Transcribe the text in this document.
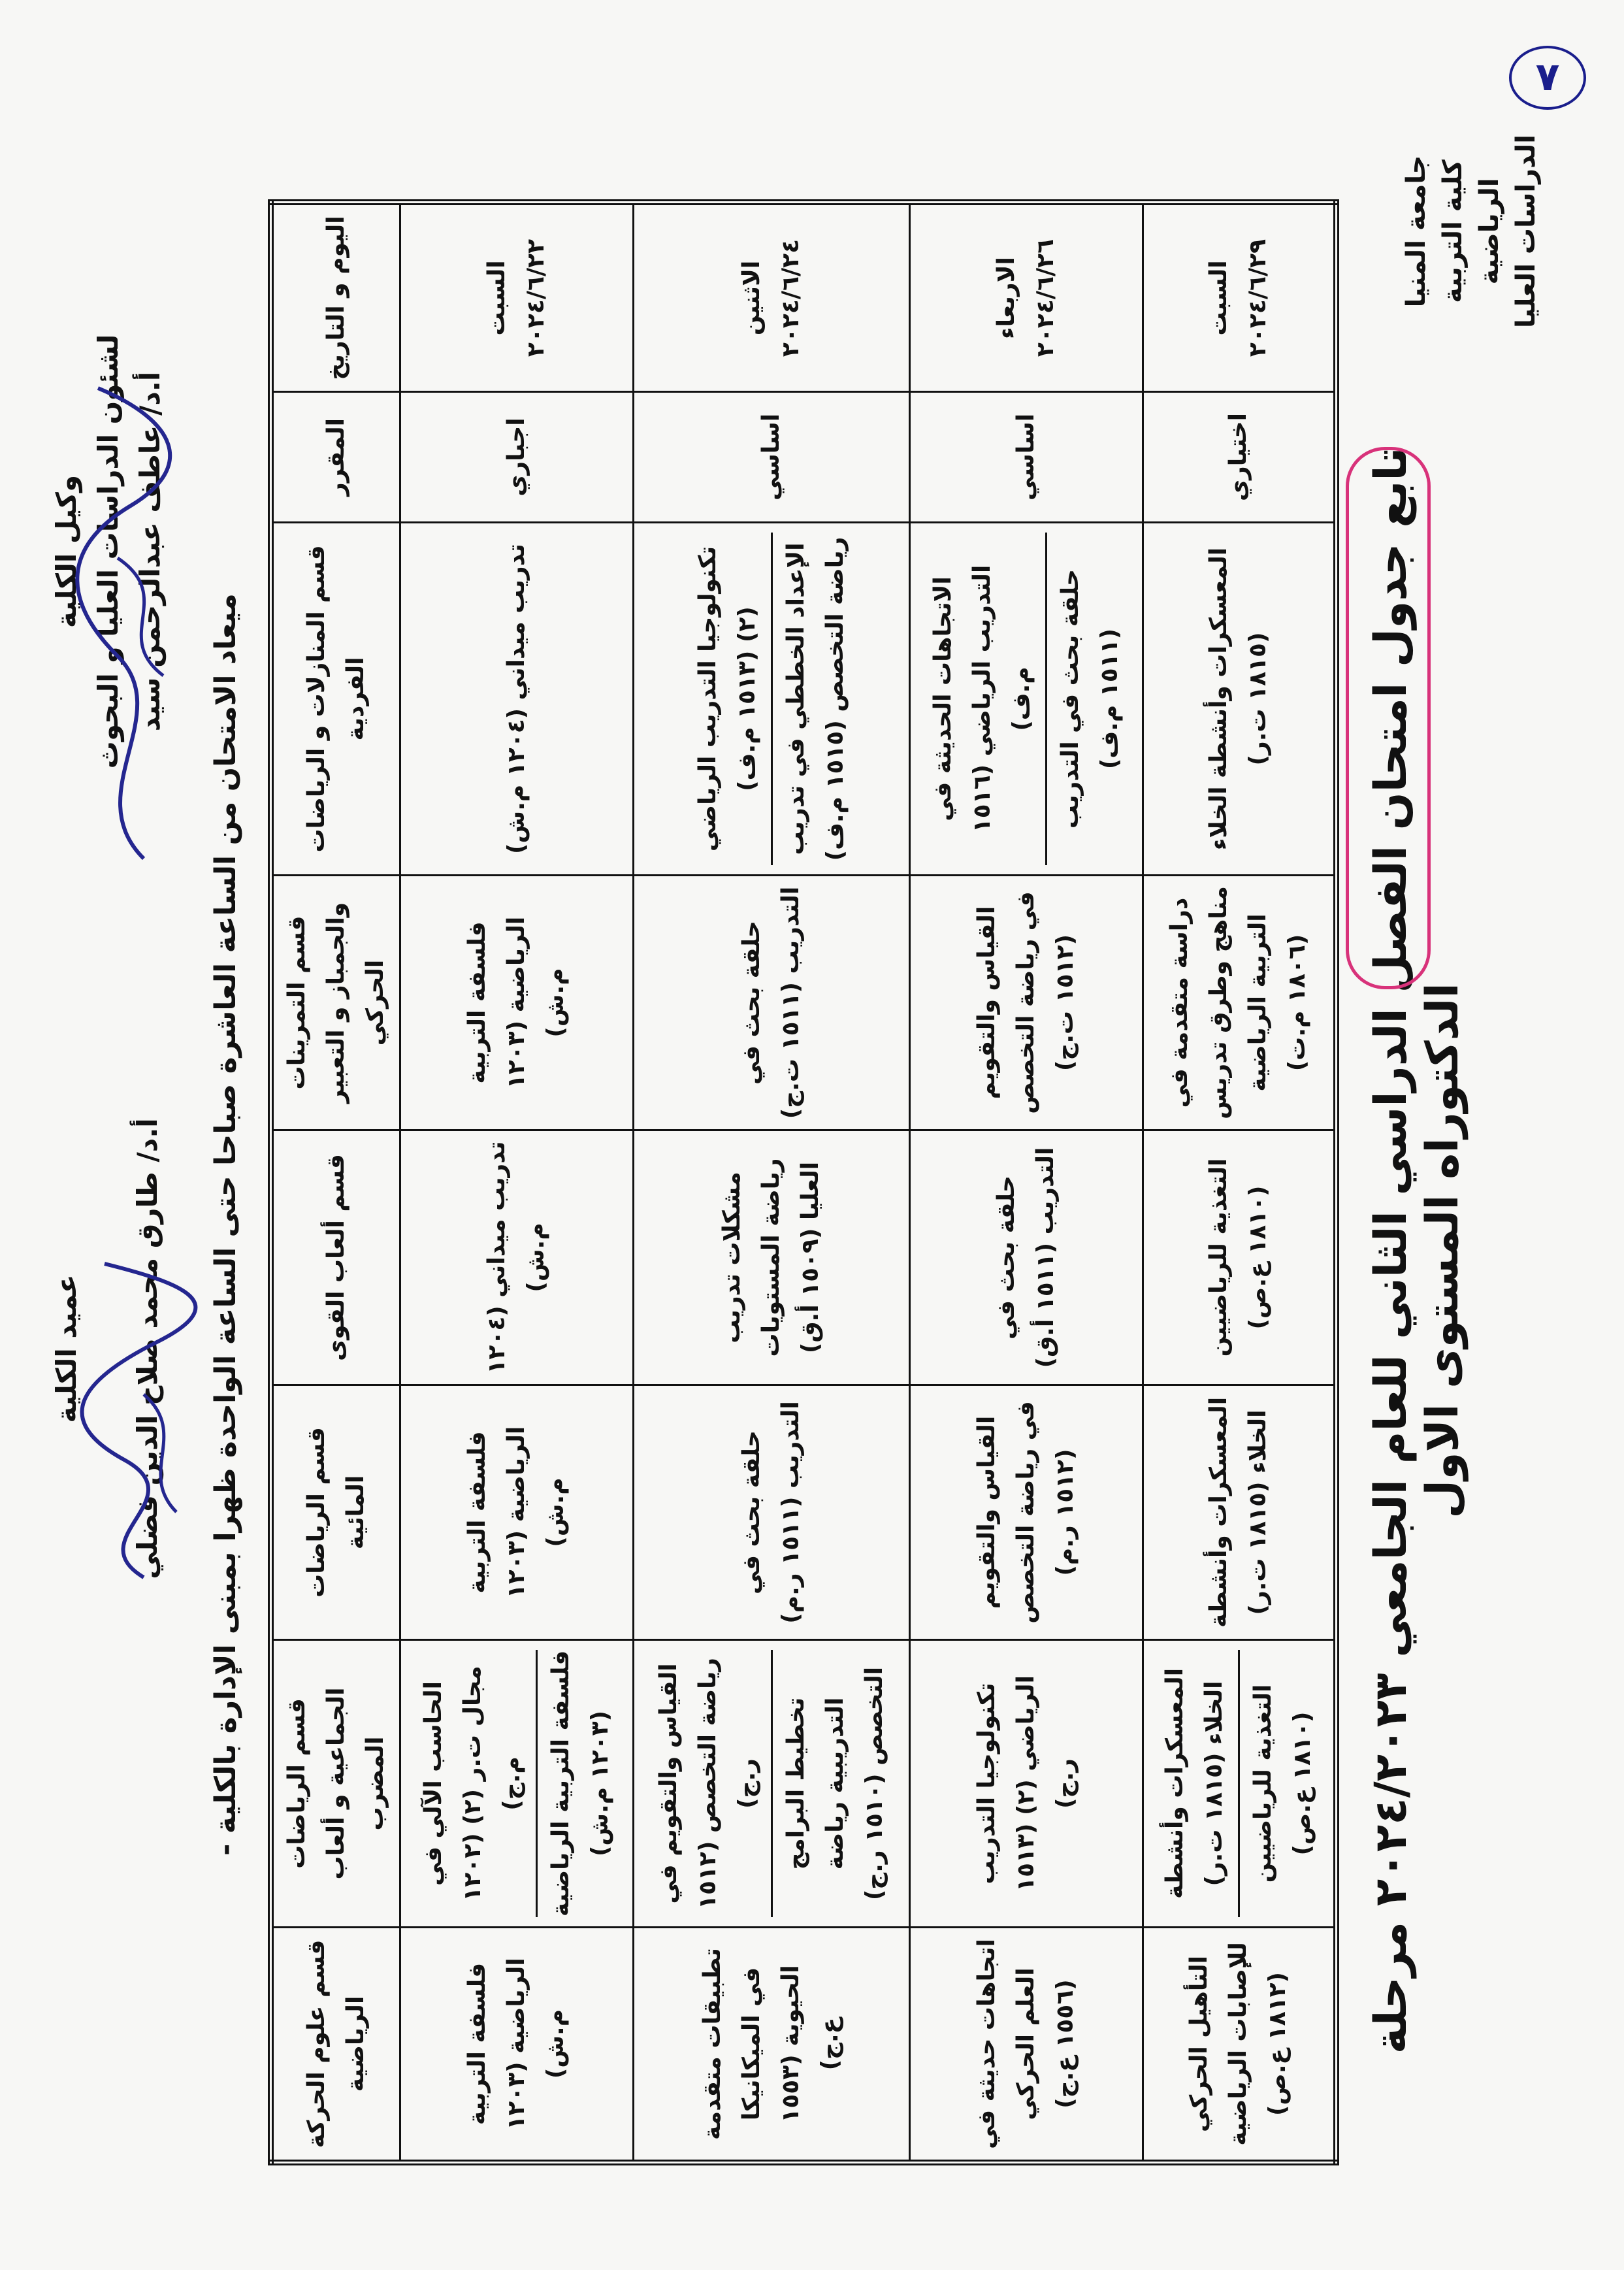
٧
جامعة المنيا كلية التربية الرياضية الدراسات العليا
تابع جدول امتحان الفصل الدراسي الثاني للعام الجامعي ٢٠٢٤/٢٠٢٣ مرحلة الدكتوراه المستوى الاول
اليوم و التاريخ	المقرر	قسم المنازلات و الرياضات الفردية	قسم التمرينات والجمباز و التعبير الحركي	قسم ألعاب القوى	قسم الرياضات المائية	قسم الرياضات الجماعية و ألعاب المضرب	قسم علوم الحركة الرياضية

السبت ٢٠٢٤/٦/٢٢	اجباري	تدريب ميداني (١٢٠٤ م.ش)	فلسفة التربية الرياضية (١٢٠٣ م.ش)	تدريب ميداني (١٢٠٤ م.ش)	فلسفة التربية الرياضية (١٢٠٣ م.ش)	الحاسب الآلي في مجال ت.ر (٢) (١٢٠٢ م.ج) فلسفة التربية الرياضية (١٢٠٣ م.ش)	فلسفة التربية الرياضية (١٢٠٣ م.ش)

الاثنين ٢٠٢٤/٦/٢٤	اساسي	تكنولوجيا التدريب الرياضي (٢) (١٥١٣ م.ف) الإعداد الخططي في تدريب رياضة التخصص (١٥١٥ م.ف)	حلقة بحث في التدريب (١٥١١ ت.ج)	مشكلات تدريب رياضة المستويات العليا (١٥٠٩ أ.ق)	حلقة بحث في التدريب (١٥١١ ر.م)	القياس والتقويم في رياضة التخصص (١٥١٢ ر.ج) تخطيط البرامج التدريبية رياضة التخصص (١٥١٠ ر.ج)	تطبيقات متقدمة في الميكانيكا الحيوية (١٥٥٣ ع.ج)

الاربعاء ٢٠٢٤/٦/٢٦	اساسي	الاتجاهات الحديثة في التدريب الرياضي (١٥١٦ م.ف) حلقة بحث في التدريب (١٥١١ م.ف)	القياس والتقويم في رياضة التخصص (١٥١٢ ت.ج)	حلقة بحث في التدريب (١٥١١ أ.ق)	القياس والتقويم في رياضة التخصص (١٥١٢ ر.م)	تكنولوجيا التدريب الرياضي (٢) (١٥١٣ ر.ج)	اتجاهات حديثة في العلم الحركي (١٥٥٦ ع.ج)

السبت ٢٠٢٤/٦/٢٩	اختياري	المعسكرات وأنشطة الخلاء (١٨١٥ ت.ر)	دراسة متقدمة في مناهج وطرق تدريس التربية الرياضية (١٨٠٦ م.ت)	التغذية للرياضيين (١٨١٠ ع.ص)	المعسكرات وأنشطة الخلاء (١٨١٥ ت.ر)	المعسكرات وأنشطة الخلاء (١٨١٥ ت.ر) التغذية للرياضيين (١٨١٠ ع.ص)	التأهيل الحركي للإصابات الرياضية (١٨١٢ ع.ص)
ميعاد الامتحان من الساعة العاشرة صباحا حتى الساعة الواحدة ظهرا بمبنى الإدارة بالكلية -
وكيل الكلية لشئون الدراسات العليا و البحوث أ.د/ عاطف عبدالرحمن سيد
عميد الكلية أ.د/ طارق محمد صلاح الدين فضلي
